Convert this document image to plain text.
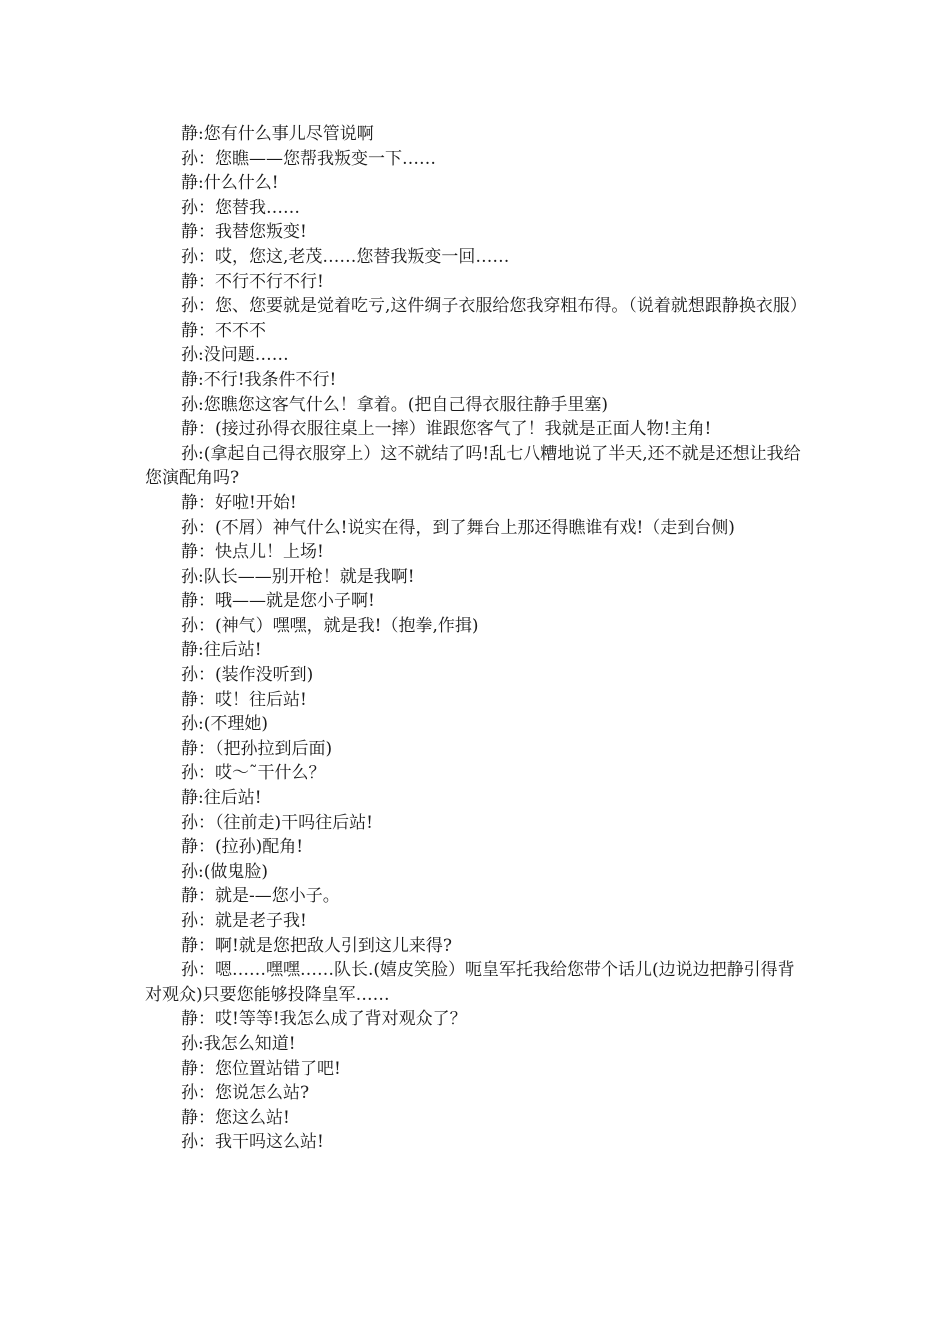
静:您有什么事儿尽管说啊

孙：您瞧——您帮我叛变一下……

静:什么什么!

孙：您替我……

静：我替您叛变!

孙：哎，您这,老茂……您替我叛变一回……

静：不行不行不行!

孙：您、您要就是觉着吃亏,这件绸子衣服给您我穿粗布得。（说着就想跟静换衣服）

静：不不不

孙:没问题……

静:不行!我条件不行!

孙:您瞧您这客气什么！拿着。(把自己得衣服往静手里塞)

静：(接过孙得衣服往桌上一摔）谁跟您客气了！我就是正面人物!主角!

孙:(拿起自己得衣服穿上）这不就结了吗!乱七八糟地说了半天,还不就是还想让我给您演配角吗?

静：好啦!开始!

孙：(不屑）神气什么!说实在得，到了舞台上那还得瞧谁有戏!（走到台侧)

静：快点儿！上场!

孙:队长——别开枪！就是我啊!

静：哦——就是您小子啊!

孙：(神气）嘿嘿，就是我!（抱拳,作揖)

静:往后站!

孙：(装作没听到)

静：哎！往后站!

孙:(不理她)

静：（把孙拉到后面)

孙：哎～˜干什么？

静:往后站!

孙：（往前走)干吗往后站!

静：(拉孙)配角!

孙:(做鬼脸)

静：就是-—您小子。

孙：就是老子我!

静：啊!就是您把敌人引到这儿来得?

孙：嗯……嘿嘿……队长.(嬉皮笑脸）呃皇军托我给您带个话儿(边说边把静引得背对观众)只要您能够投降皇军……

静：哎!等等!我怎么成了背对观众了？

孙:我怎么知道!

静：您位置站错了吧!

孙：您说怎么站?

静：您这么站!

孙：我干吗这么站!
